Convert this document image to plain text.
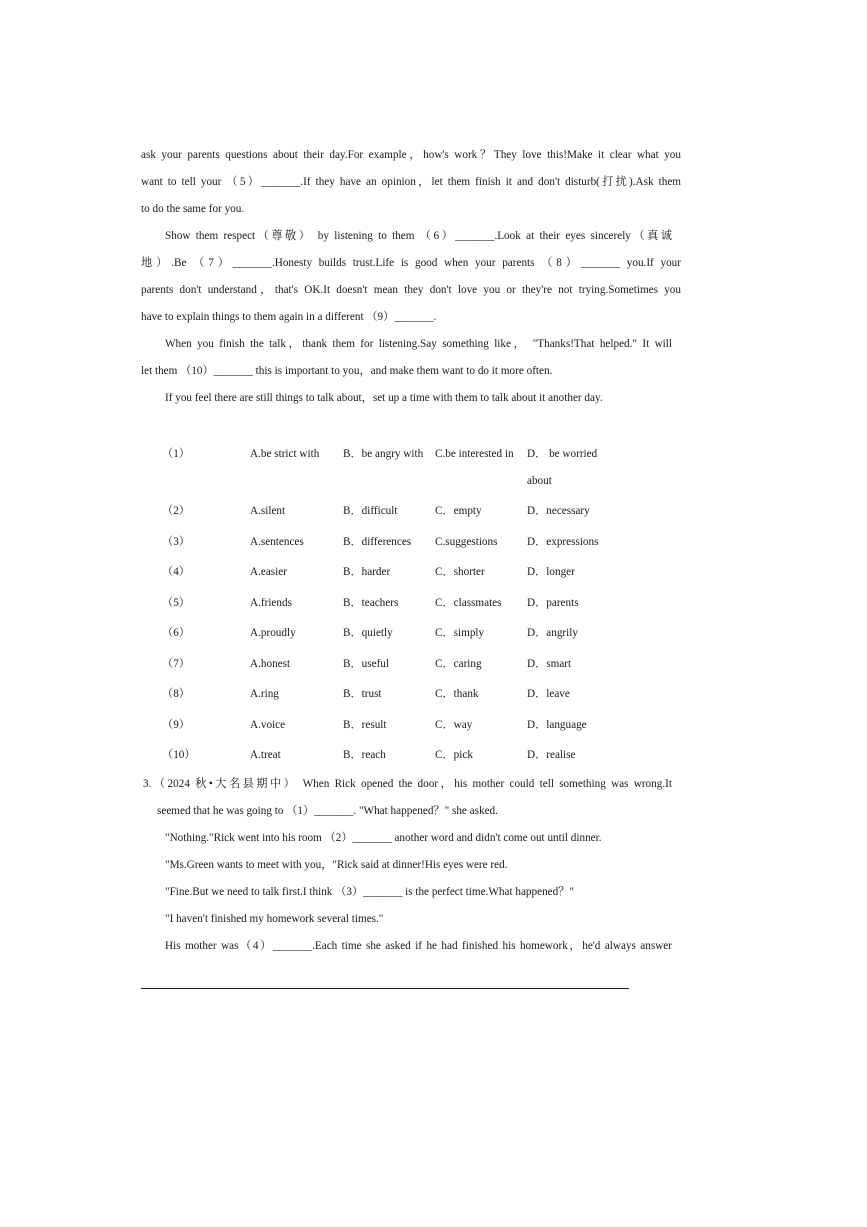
ask your parents questions about their day.For example，how's work？They love this!Make it clear what you
want to tell your （5）_______.If they have an opinion，let them finish it and don't disturb(打扰).Ask them
to do the same for you.
Show them respect（尊敬） by listening to them （6）_______.Look at their eyes sincerely（真诚
地）.Be （7）_______.Honesty builds trust.Life is good when your parents （8）_______ you.If your
parents don't understand，that's OK.It doesn't mean they don't love you or they're not trying.Sometimes you
have to explain things to them again in a different （9）_______.
When you finish the talk，thank them for listening.Say something like， "Thanks!That helped." It will
let them （10）_______ this is important to you，and make them want to do it more often.
If you feel there are still things to talk about，set up a time with them to talk about it another day.
（1）	A.be strict with B．be angry with C.be interested in D． be worried
about
（2）	A.silent	B．difficult	C．empty	D．necessary
（3）	A.sentences	B．differences C.suggestions	D．expressions
（4）	A.easier	B．harder	C．shorter	D．longer
（5）	A.friends	B．teachers	C．classmates D．parents
（6）	A.proudly	B．quietly	C．simply	D．angrily
（7）	A.honest	B．useful	C．caring	D．smart
（8）	A.ring	B．trust	C．thank	D．leave
（9）	A.voice	B．result	C．way	D．language
（10）	A.treat	B．reach	C．pick	D．realise
3.（2024 秋•大名县期中） When Rick opened the door，his mother could tell something was wrong.It
seemed that he was going to （1）_______. "What happened？" she asked.
"Nothing."Rick went into his room （2）_______ another word and didn't come out until dinner.
"Ms.Green wants to meet with you，"Rick said at dinner!His eyes were red.
"Fine.But we need to talk first.I think （3）_______ is the perfect time.What happened？"
"I haven't finished my homework several times."
His mother was（4）_______.Each time she asked if he had finished his homework，he'd always answer
